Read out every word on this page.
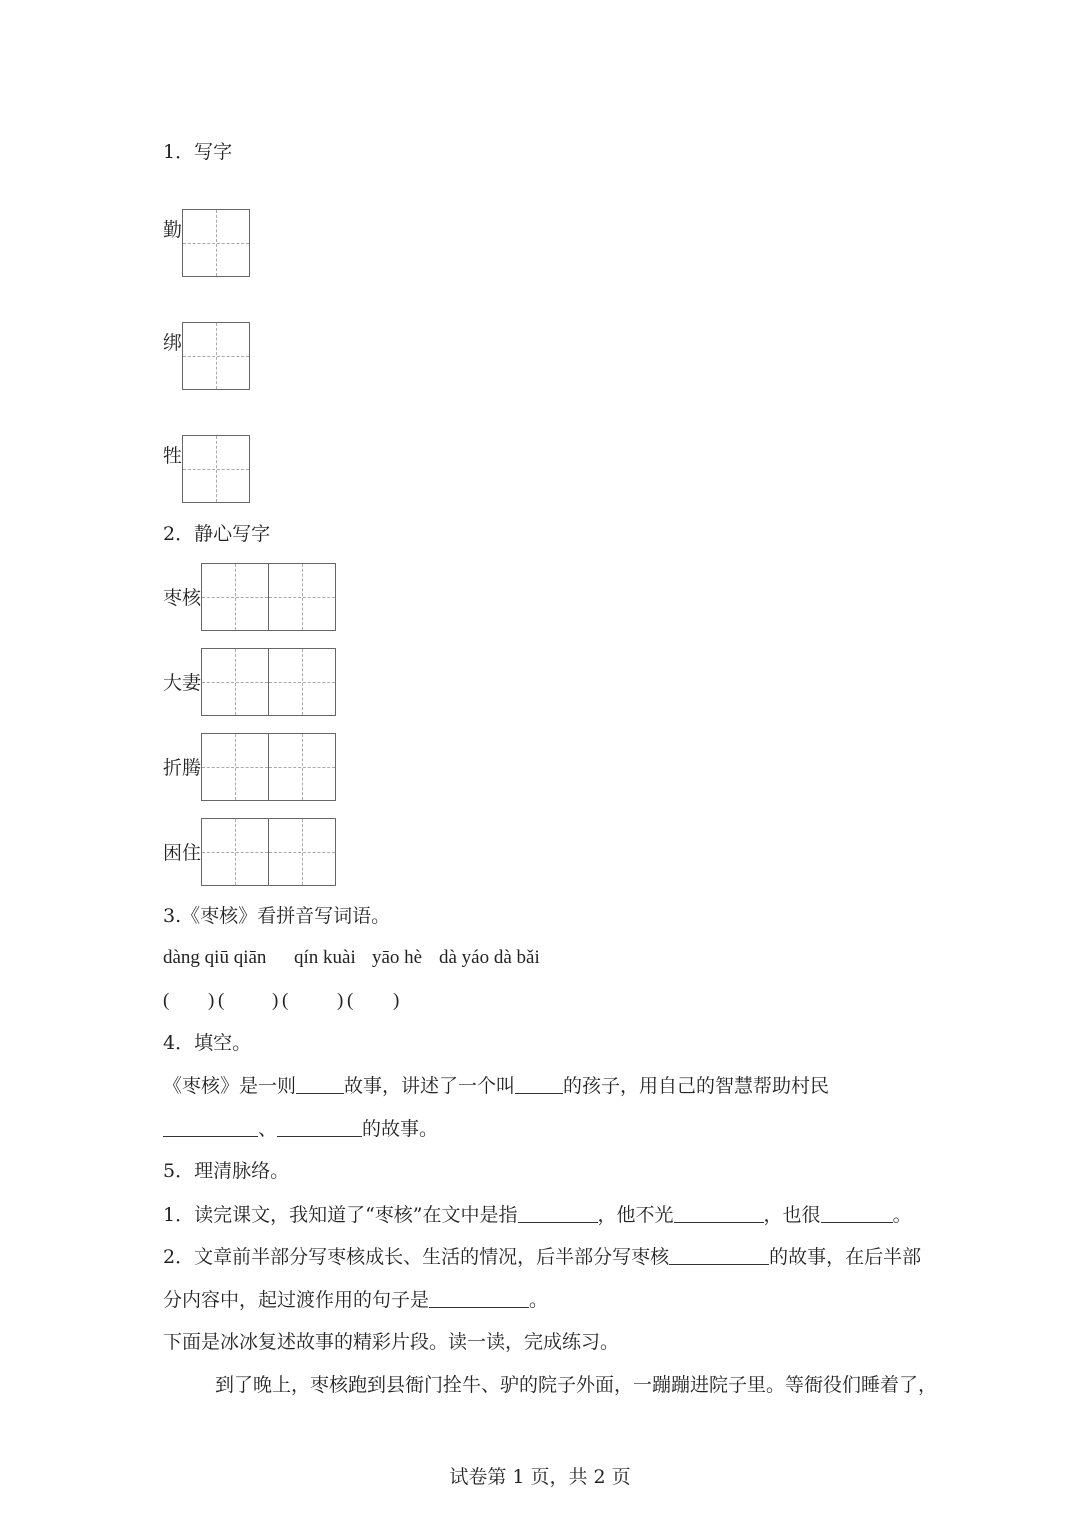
1．写字
勤
绑
牲
2．静心写字
枣核
大妻
折腾
困住
3.《枣核》看拼音写词语。
dàng qiū qiān qín kuài yāo hè dà yáo dà bǎi
( ) (	) (	) ( )
4．填空。
《枣核》是一则	故事，讲述了一个叫	的孩子，用自己的智慧帮助村民
、	的故事。
5．理清脉络。
1．读完课文，我知道了“枣核”在文中是指	，他不光	，也很	。
2．文章前半部分写枣核成长、生活的情况，后半部分写枣核	的故事，在后半部
分内容中，起过渡作用的句子是	。
下面是冰冰复述故事的精彩片段。读一读，完成练习。
到了晚上，枣核跑到县衙门拴牛、驴的院子外面，一蹦蹦进院子里。等衙役们睡着了，
试卷第 1 页，共 2 页
